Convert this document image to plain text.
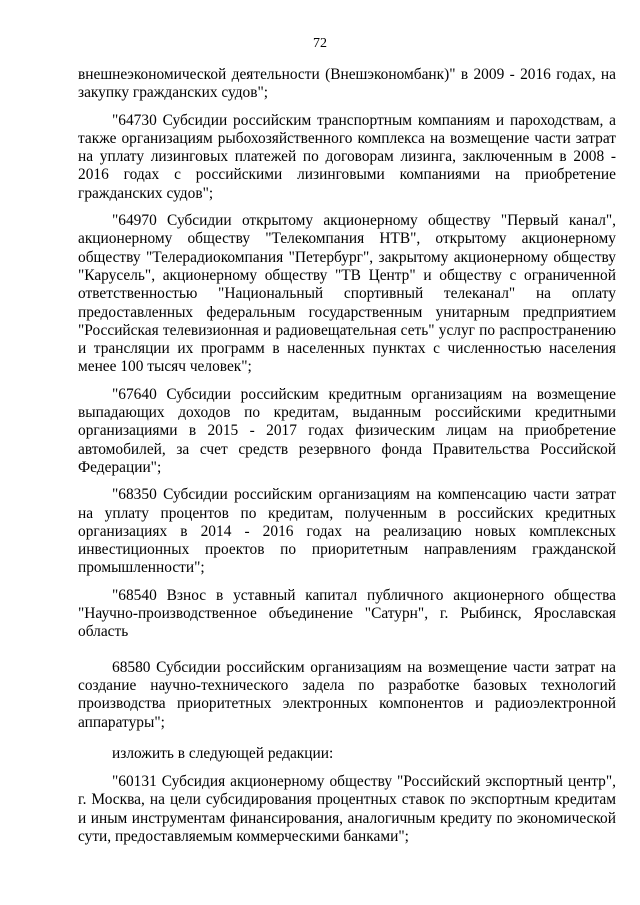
72

внешнеэкономической деятельности (Внешэкономбанк)" в 2009 - 2016 годах, на закупку гражданских судов";

"64730 Субсидии российским транспортным компаниям и пароходствам, а также организациям рыбохозяйственного комплекса на возмещение части затрат на уплату лизинговых платежей по договорам лизинга, заключенным в 2008 - 2016 годах с российскими лизинговыми компаниями на приобретение гражданских судов";

"64970 Субсидии открытому акционерному обществу "Первый канал", акционерному обществу "Телекомпания НТВ", открытому акционерному обществу "Телерадиокомпания "Петербург", закрытому акционерному обществу "Карусель", акционерному обществу "ТВ Центр" и обществу с ограниченной ответственностью "Национальный спортивный телеканал" на оплату предоставленных федеральным государственным унитарным предприятием "Российская телевизионная и радиовещательная сеть" услуг по распространению и трансляции их программ в населенных пунктах с численностью населения менее 100 тысяч человек";

"67640 Субсидии российским кредитным организациям на возмещение выпадающих доходов по кредитам, выданным российскими кредитными организациями в 2015 - 2017 годах физическим лицам на приобретение автомобилей, за счет средств резервного фонда Правительства Российской Федерации";

"68350 Субсидии российским организациям на компенсацию части затрат на уплату процентов по кредитам, полученным в российских кредитных организациях в 2014 - 2016 годах на реализацию новых комплексных инвестиционных проектов по приоритетным направлениям гражданской промышленности";

"68540 Взнос в уставный капитал публичного акционерного общества "Научно-производственное объединение "Сатурн", г. Рыбинск, Ярославская область

68580 Субсидии российским организациям на возмещение части затрат на создание научно-технического задела по разработке базовых технологий производства приоритетных электронных компонентов и радиоэлектронной аппаратуры";

изложить в следующей редакции:

"60131 Субсидия акционерному обществу "Российский экспортный центр", г. Москва, на цели субсидирования процентных ставок по экспортным кредитам и иным инструментам финансирования, аналогичным кредиту по экономической сути, предоставляемым коммерческими банками";
